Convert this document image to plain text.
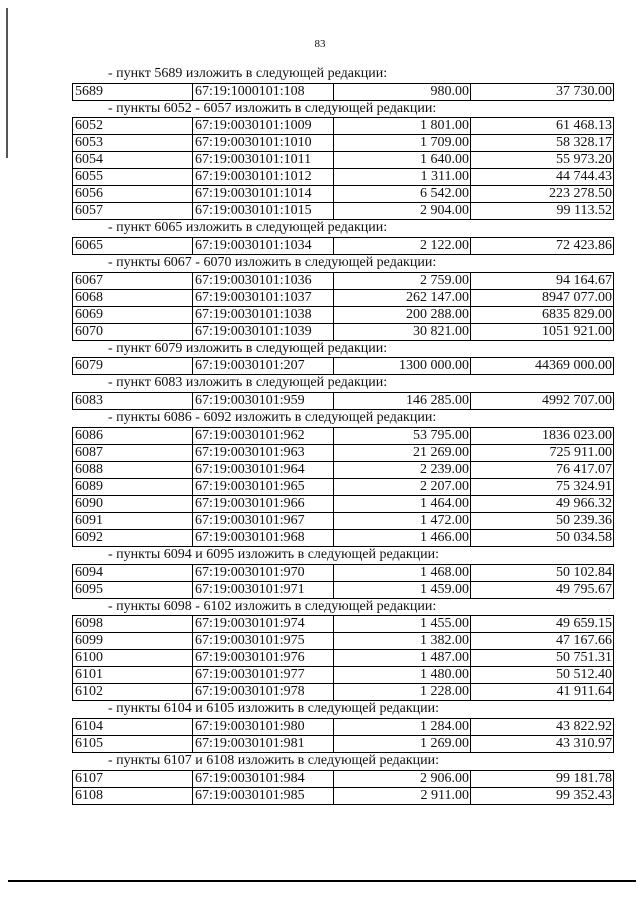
83
- пункт 5689 изложить в следующей редакции:
5689	67:19:1000101:108	980.00	37 730.00
- пункты 6052 - 6057 изложить в следующей редакции:
6052	67:19:0030101:1009	1 801.00	61 468.13
6053	67:19:0030101:1010	1 709.00	58 328.17
6054	67:19:0030101:1011	1 640.00	55 973.20
6055	67:19:0030101:1012	1 311.00	44 744.43
6056	67:19:0030101:1014	6 542.00	223 278.50
6057	67:19:0030101:1015	2 904.00	99 113.52
- пункт 6065 изложить в следующей редакции:
6065	67:19:0030101:1034	2 122.00	72 423.86
- пункты 6067 - 6070 изложить в следующей редакции:
6067	67:19:0030101:1036	2 759.00	94 164.67
6068	67:19:0030101:1037	262 147.00	8947 077.00
6069	67:19:0030101:1038	200 288.00	6835 829.00
6070	67:19:0030101:1039	30 821.00	1051 921.00
- пункт 6079 изложить в следующей редакции:
6079	67:19:0030101:207	1300 000.00	44369 000.00
- пункт 6083 изложить в следующей редакции:
6083	67:19:0030101:959	146 285.00	4992 707.00
- пункты 6086 - 6092 изложить в следующей редакции:
6086	67:19:0030101:962	53 795.00	1836 023.00
6087	67:19:0030101:963	21 269.00	725 911.00
6088	67:19:0030101:964	2 239.00	76 417.07
6089	67:19:0030101:965	2 207.00	75 324.91
6090	67:19:0030101:966	1 464.00	49 966.32
6091	67:19:0030101:967	1 472.00	50 239.36
6092	67:19:0030101:968	1 466.00	50 034.58
- пункты 6094 и 6095 изложить в следующей редакции:
6094	67:19:0030101:970	1 468.00	50 102.84
6095	67:19:0030101:971	1 459.00	49 795.67
- пункты 6098 - 6102 изложить в следующей редакции:
6098	67:19:0030101:974	1 455.00	49 659.15
6099	67:19:0030101:975	1 382.00	47 167.66
6100	67:19:0030101:976	1 487.00	50 751.31
6101	67:19:0030101:977	1 480.00	50 512.40
6102	67:19:0030101:978	1 228.00	41 911.64
- пункты 6104 и 6105 изложить в следующей редакции:
6104	67:19:0030101:980	1 284.00	43 822.92
6105	67:19:0030101:981	1 269.00	43 310.97
- пункты 6107 и 6108 изложить в следующей редакции:
6107	67:19:0030101:984	2 906.00	99 181.78
6108	67:19:0030101:985	2 911.00	99 352.43
